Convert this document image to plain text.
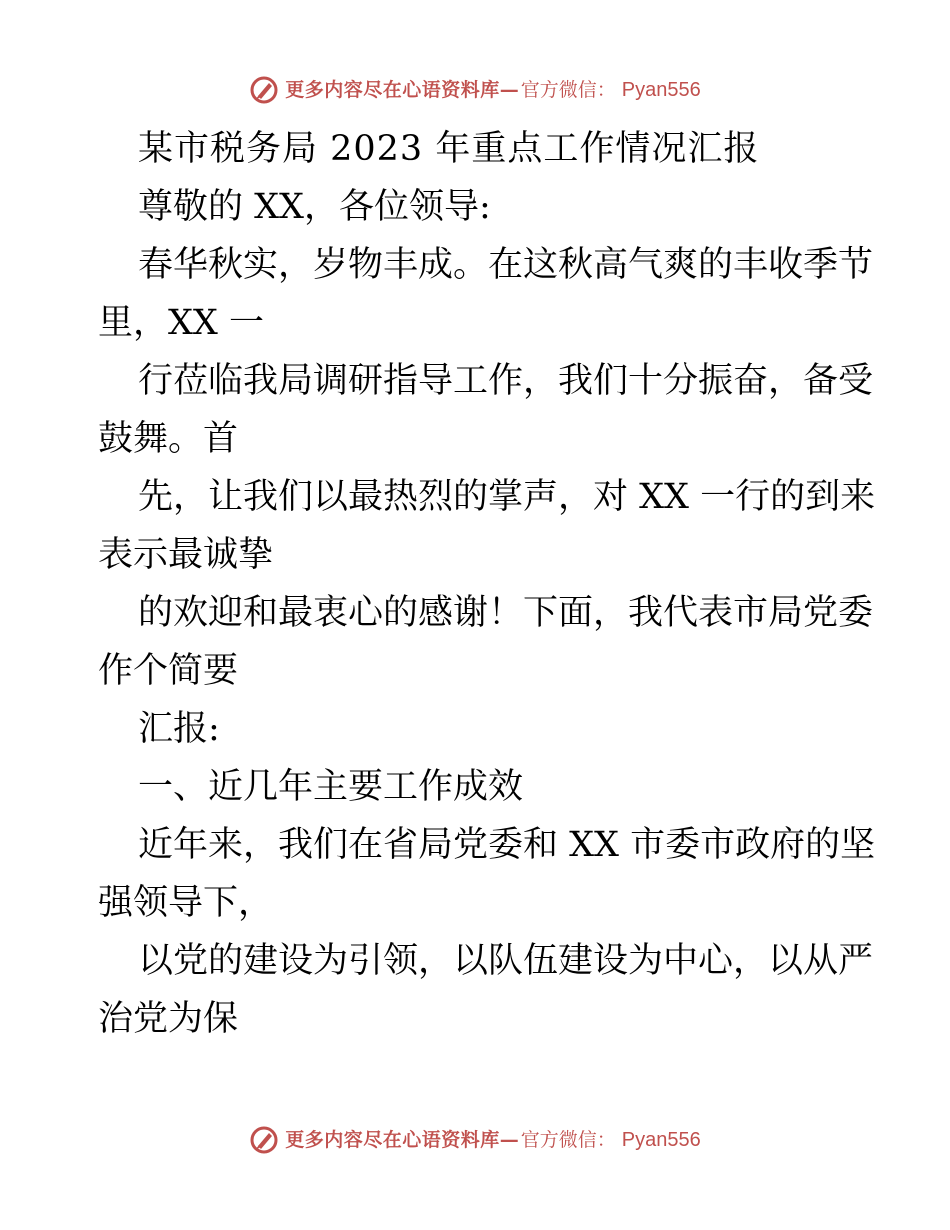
更多内容尽在心语资料库 — 官方微信： Pyan556

某市税务局 2023 年重点工作情况汇报

尊敬的 XX，各位领导:

春华秋实，岁物丰成。在这秋高气爽的丰收季节

里，XX 一

行莅临我局调研指导工作，我们十分振奋，备受

鼓舞。首

先，让我们以最热烈的掌声，对 XX 一行的到来

表示最诚挚

的欢迎和最衷心的感谢！下面，我代表市局党委

作个简要

汇报:

一、近几年主要工作成效

近年来，我们在省局党委和 XX 市委市政府的坚

强领导下，

以党的建设为引领，以队伍建设为中心，以从严

治党为保

更多内容尽在心语资料库 — 官方微信： Pyan556
